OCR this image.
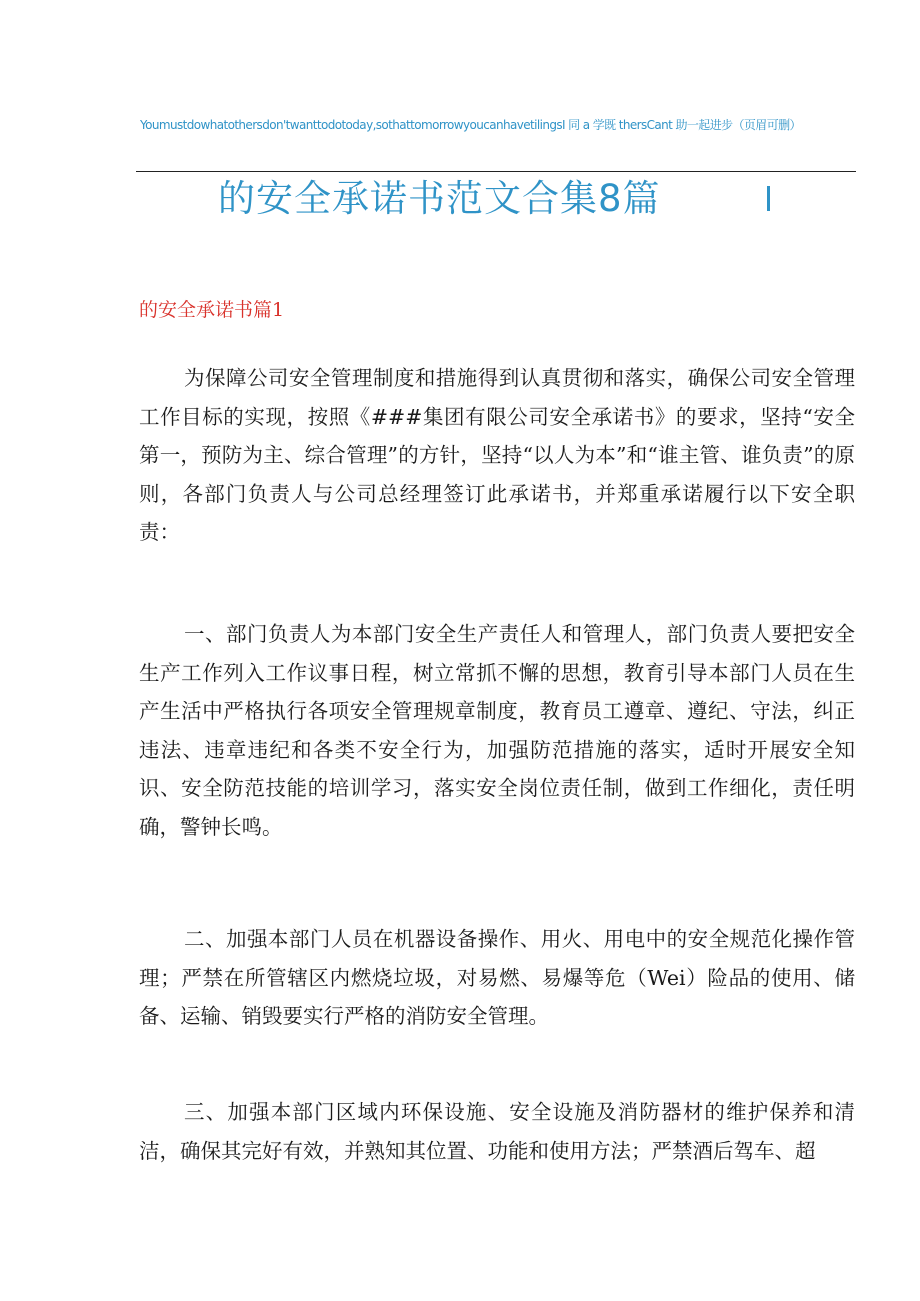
Youmustdowhatothersdon'twanttodotoday,sothattomorrowyoucanhavetilingsI 同 a 学既 thersCant 助一起进步（页眉可删）
的安全承诺书范文合集8篇
的安全承诺书篇1

为保障公司安全管理制度和措施得到认真贯彻和落实，确保公司安全管理工作目标的实现，按照《###集团有限公司安全承诺书》的要求，坚持“安全第一，预防为主、综合管理”的方针，坚持“以人为本”和“谁主管、谁负责”的原则，各部门负责人与公司总经理签订此承诺书，并郑重承诺履行以下安全职责：

一、部门负责人为本部门安全生产责任人和管理人，部门负责人要把安全生产工作列入工作议事日程，树立常抓不懈的思想，教育引导本部门人员在生产生活中严格执行各项安全管理规章制度，教育员工遵章、遵纪、守法，纠正违法、违章违纪和各类不安全行为，加强防范措施的落实，适时开展安全知识、安全防范技能的培训学习，落实安全岗位责任制，做到工作细化，责任明确，警钟长鸣。

二、加强本部门人员在机器设备操作、用火、用电中的安全规范化操作管理；严禁在所管辖区内燃烧垃圾，对易燃、易爆等危（Wei）险品的使用、储备、运输、销毁要实行严格的消防安全管理。

三、加强本部门区域内环保设施、安全设施及消防器材的维护保养和清洁，确保其完好有效，并熟知其位置、功能和使用方法；严禁酒后驾车、超
